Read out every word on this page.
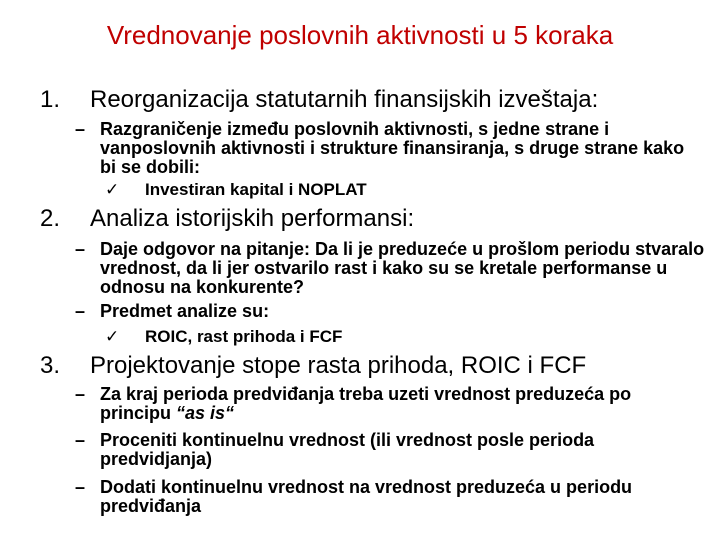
Vrednovanje poslovnih aktivnosti u 5 koraka
1. Reorganizacija statutarnih finansijskih izveštaja:
– Razgraničenje između poslovnih aktivnosti, s jedne strane i vanposlovnih aktivnosti i strukture finansiranja, s druge strane kako bi se dobili:
✓	Investiran kapital i NOPLAT
2. Analiza istorijskih performansi:
– Daje odgovor na pitanje: Da li je preduzeće u prošlom periodu stvaralo vrednost, da li jer ostvarilo rast i kako su se kretale performanse u odnosu na konkurente?
– Predmet analize su:
✓	ROIC, rast prihoda i FCF
3. Projektovanje stope rasta prihoda, ROIC i FCF
– Za kraj perioda predviđanja treba uzeti vrednost preduzeća po principu “as is“
– Proceniti kontinuelnu vrednost (ili vrednost posle perioda predvidjanja)
– Dodati kontinuelnu vrednost na vrednost preduzeća u periodu predviđanja
